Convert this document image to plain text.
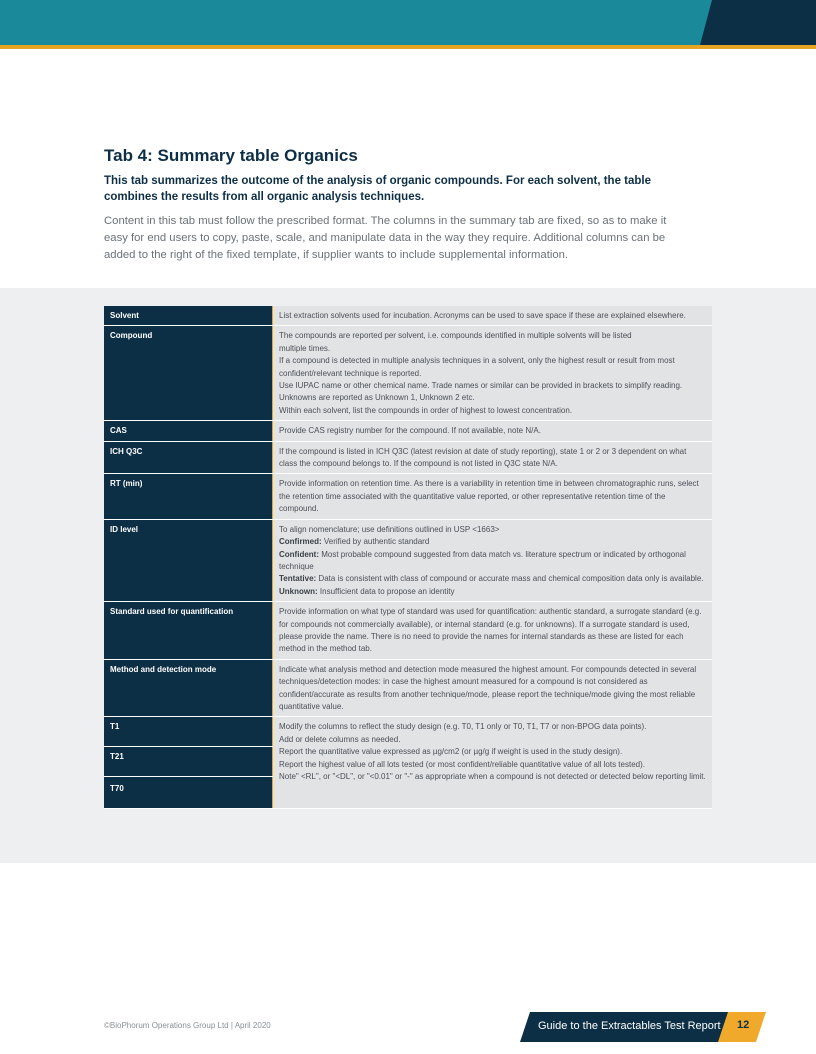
Tab 4: Summary table Organics

This tab summarizes the outcome of the analysis of organic compounds. For each solvent, the table combines the results from all organic analysis techniques.

Content in this tab must follow the prescribed format. The columns in the summary tab are fixed, so as to make it easy for end users to copy, paste, scale, and manipulate data in the way they require. Additional columns can be added to the right of the fixed template, if supplier wants to include supplemental information.

Solvent	List extraction solvents used for incubation. Acronyms can be used to save space if these are explained elsewhere.

Compound	The compounds are reported per solvent, i.e. compounds identified in multiple solvents will be listed
multiple times.
If a compound is detected in multiple analysis techniques in a solvent, only the highest result or result from most confident/relevant technique is reported.
Use IUPAC name or other chemical name. Trade names or similar can be provided in brackets to simplify reading. Unknowns are reported as Unknown 1, Unknown 2 etc.
Within each solvent, list the compounds in order of highest to lowest concentration.

CAS	Provide CAS registry number for the compound. If not available, note N/A.

ICH Q3C	If the compound is listed in ICH Q3C (latest revision at date of study reporting), state 1 or 2 or 3 dependent on what class the compound belongs to. If the compound is not listed in Q3C state N/A.

RT (min)	Provide information on retention time. As there is a variability in retention time in between chromatographic runs, select the retention time associated with the quantitative value reported, or other representative retention time of the compound.

ID level	To align nomenclature; use definitions outlined in USP <1663>
Confirmed: Verified by authentic standard
Confident: Most probable compound suggested from data match vs. literature spectrum or indicated by orthogonal technique
Tentative: Data is consistent with class of compound or accurate mass and chemical composition data only is available.
Unknown: Insufficient data to propose an identity

Standard used for quantification	Provide information on what type of standard was used for quantification: authentic standard, a surrogate standard (e.g. for compounds not commercially available), or internal standard (e.g. for unknowns). If a surrogate standard is used, please provide the name. There is no need to provide the names for internal standards as these are listed for each method in the method tab.

Method and detection mode	Indicate what analysis method and detection mode measured the highest amount. For compounds detected in several techniques/detection modes: in case the highest amount measured for a compound is not considered as confident/accurate as results from another technique/mode, please report the technique/mode giving the most reliable quantitative value.

T1	Modify the columns to reflect the study design (e.g. T0, T1 only or T0, T1, T7 or non-BPOG data points).
Add or delete columns as needed.
Report the quantitative value expressed as µg/cm2 (or µg/g if weight is used in the study design).
Report the highest value of all lots tested (or most confident/reliable quantitative value of all lots tested).
Note" <RL", or "<DL", or "<0.01" or "-" as appropriate when a compound is not detected or detected below reporting limit.

T21	
T70	
©BioPhorum Operations Group Ltd | April 2020	Guide to the Extractables Test Report 12
